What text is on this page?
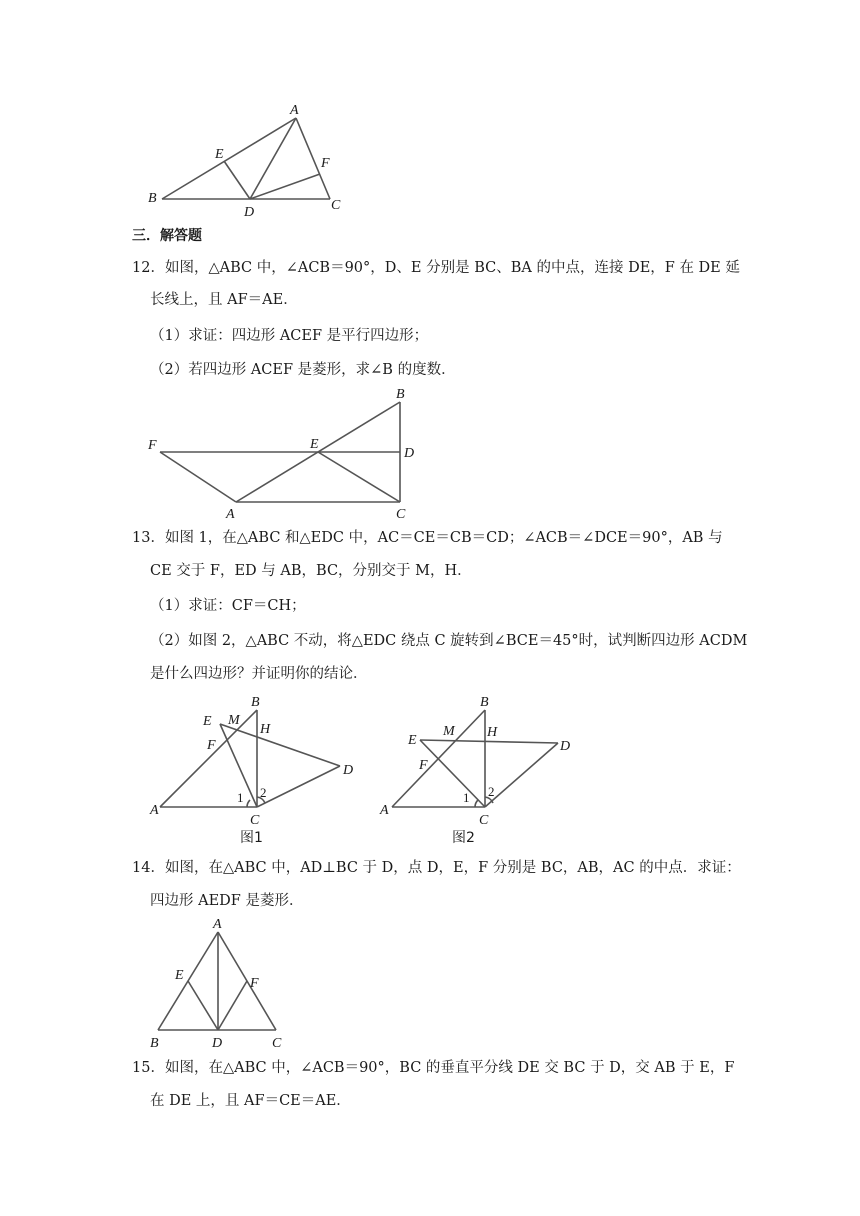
A
E
F
B
D	C
三．解答题
12．如图，△ABC 中，∠ACB＝90°，D、E 分别是 BC、BA 的中点，连接 DE，F 在 DE 延
长线上，且 AF＝AE．
（1）求证：四边形 ACEF 是平行四边形；
（2）若四边形 ACEF 是菱形，求∠B 的度数．
F	E
B
D
A	C
13．如图 1，在△ABC 和△EDC 中，AC＝CE＝CB＝CD；∠ACB＝∠DCE＝90°，AB 与
CE 交于 F，ED 与 AB，BC，分别交于 M，H．
（1）求证：CF＝CH；
（2）如图 2，△ABC 不动，将△EDC 绕点 C 旋转到∠BCE＝45°时，试判断四边形 ACDM
是什么四边形？并证明你的结论．
E M
B
H
F
D
A
C
1 2
图1
B
M H
E	D
F
A
C
1 2
图2
14．如图，在△ABC 中，AD⊥BC 于 D，点 D，E，F 分别是 BC，AB，AC 的中点．求证：
四边形 AEDF 是菱形．
A
E
F
B	D	C
15．如图，在△ABC 中，∠ACB＝90°，BC 的垂直平分线 DE 交 BC 于 D，交 AB 于 E，F
在 DE 上，且 AF＝CE＝AE．
